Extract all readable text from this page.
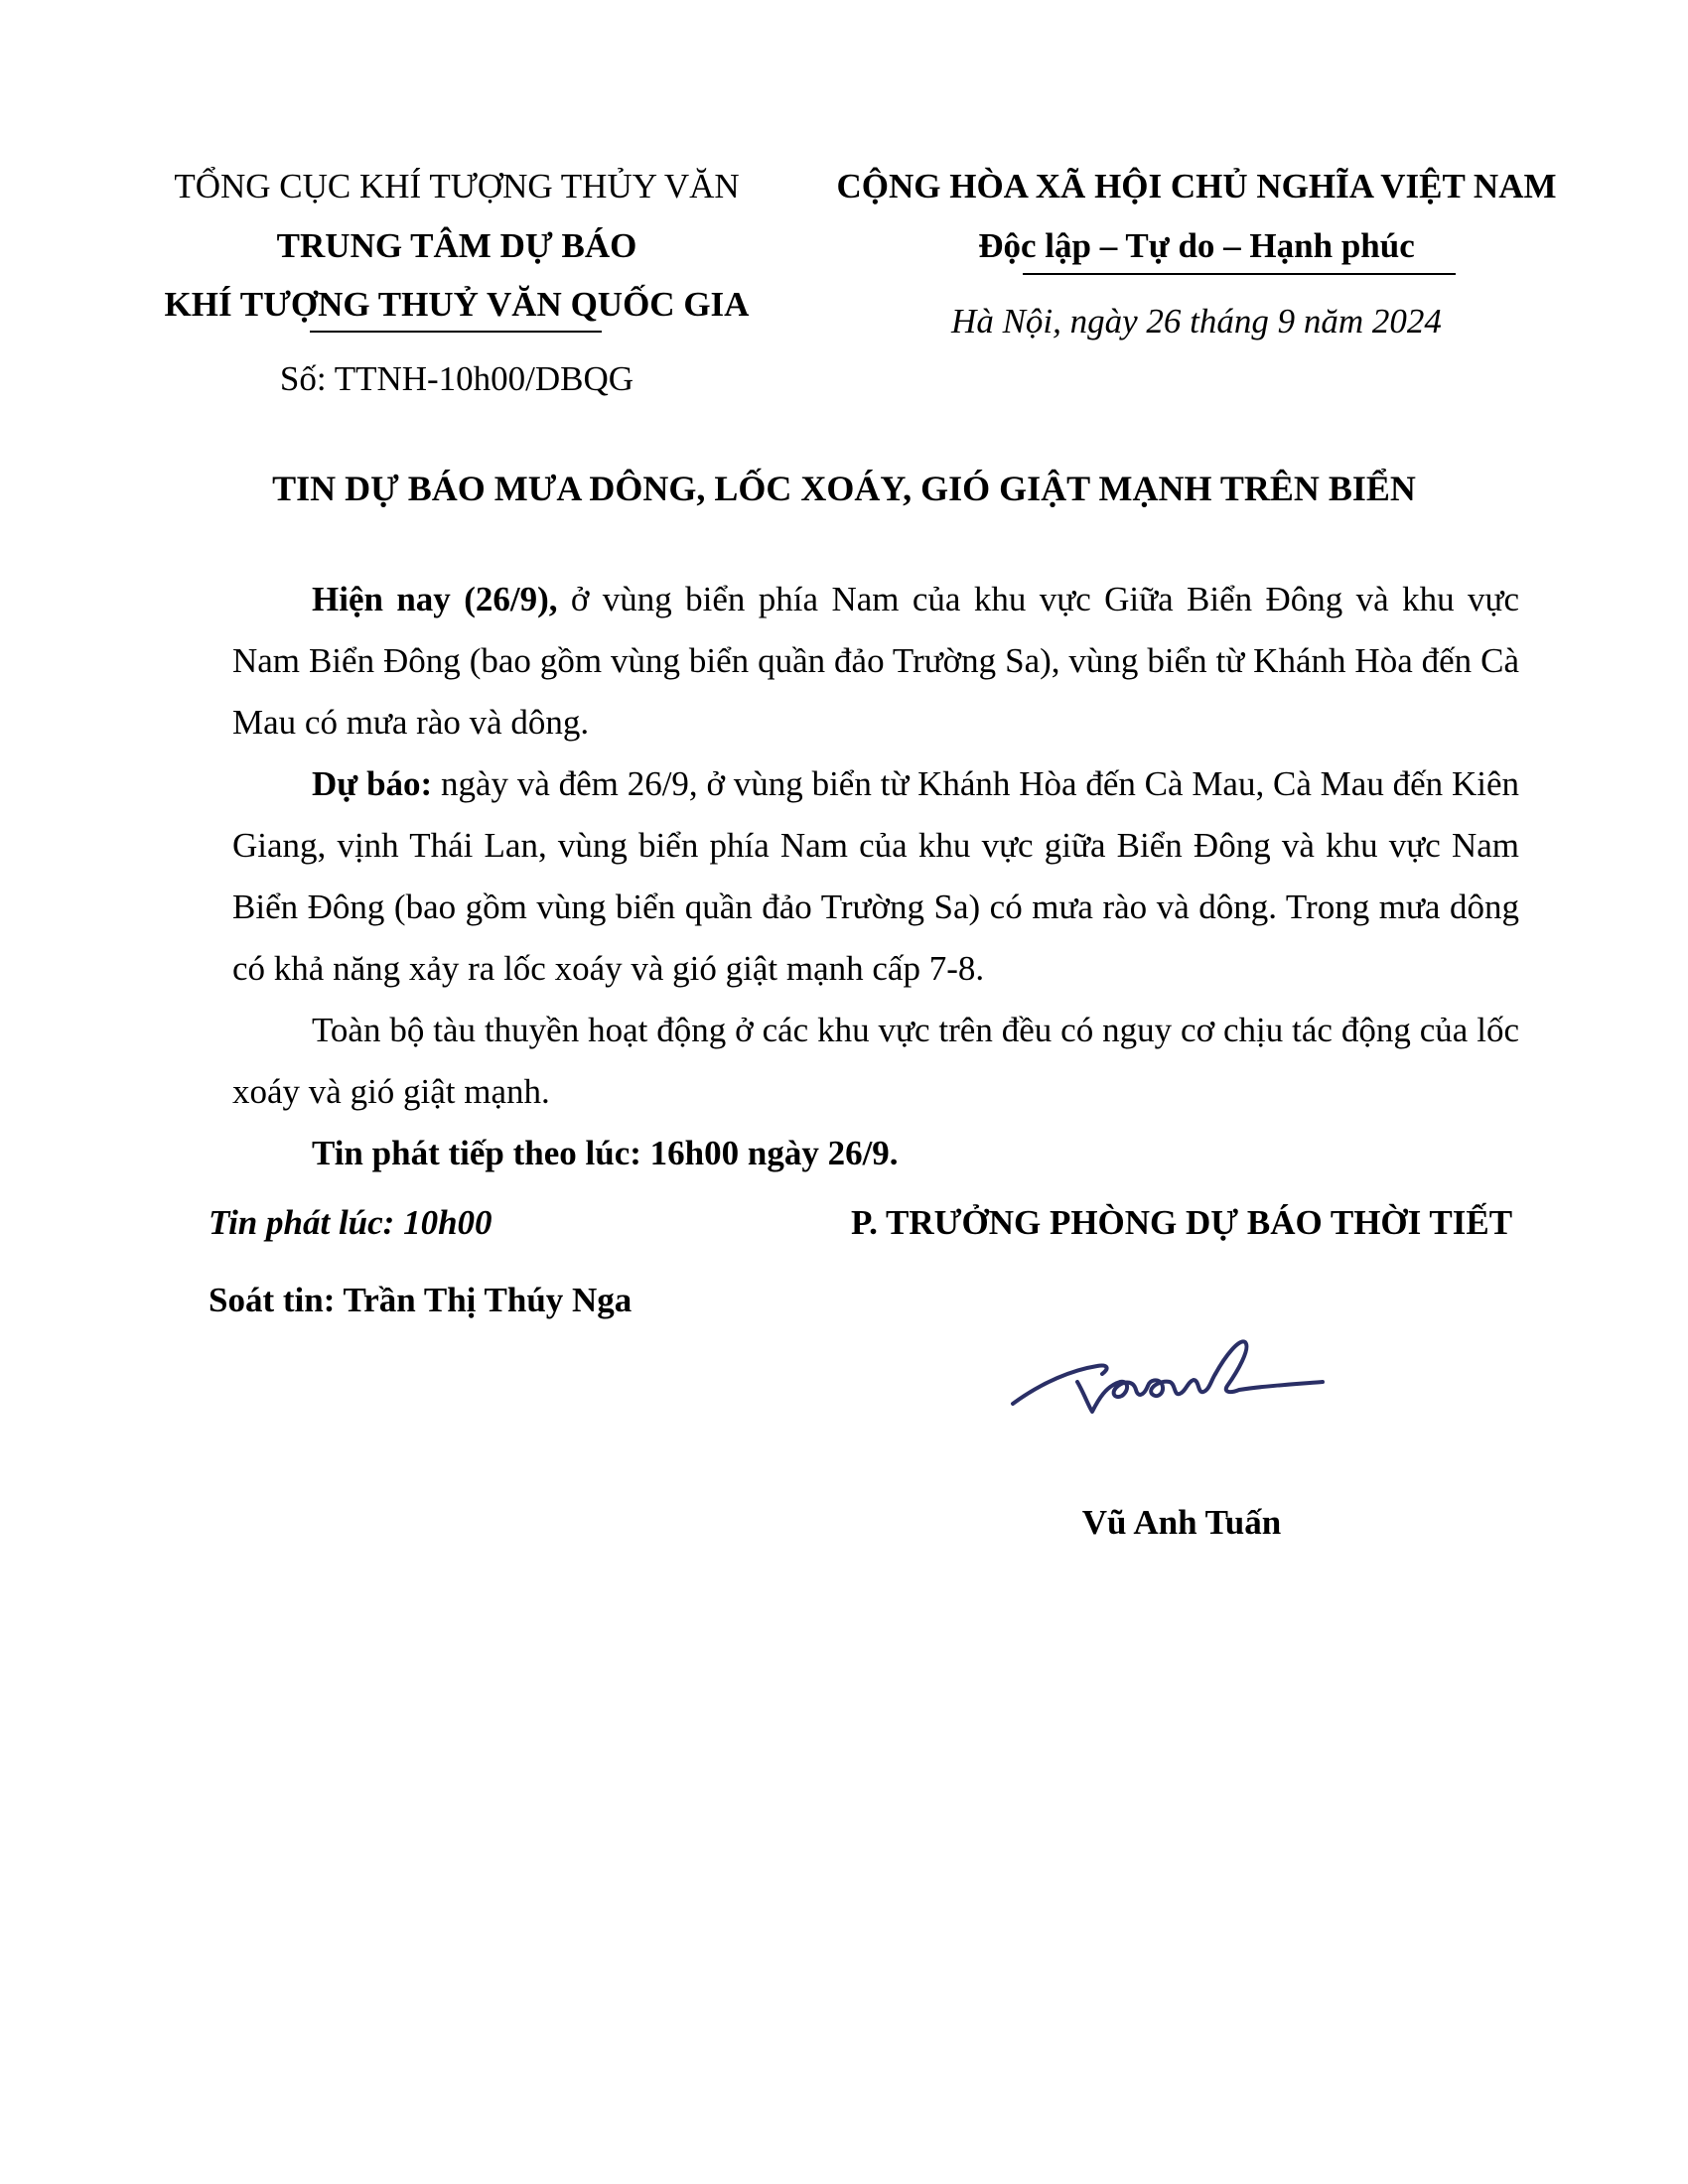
TỔNG CỤC KHÍ TƯỢNG THỦY VĂN
TRUNG TÂM DỰ BÁO
KHÍ TƯỢNG THUỶ VĂN QUỐC GIA
Số: TTNH-10h00/DBQG
CỘNG HÒA XÃ HỘI CHỦ NGHĨA VIỆT NAM
Độc lập – Tự do – Hạnh phúc
Hà Nội, ngày 26 tháng 9 năm 2024
TIN DỰ BÁO MƯA DÔNG, LỐC XOÁY, GIÓ GIẬT MẠNH TRÊN BIỂN

Hiện nay (26/9), ở vùng biển phía Nam của khu vực Giữa Biển Đông và khu vực Nam Biển Đông (bao gồm vùng biển quần đảo Trường Sa), vùng biển từ Khánh Hòa đến Cà Mau có mưa rào và dông.

Dự báo: ngày và đêm 26/9, ở vùng biển từ Khánh Hòa đến Cà Mau, Cà Mau đến Kiên Giang, vịnh Thái Lan, vùng biển phía Nam của khu vực giữa Biển Đông và khu vực Nam Biển Đông (bao gồm vùng biển quần đảo Trường Sa) có mưa rào và dông. Trong mưa dông có khả năng xảy ra lốc xoáy và gió giật mạnh cấp 7-8.

Toàn bộ tàu thuyền hoạt động ở các khu vực trên đều có nguy cơ chịu tác động của lốc xoáy và gió giật mạnh.

Tin phát tiếp theo lúc: 16h00 ngày 26/9.

Tin phát lúc: 10h00
Soát tin: Trần Thị Thúy Nga
P. TRƯỞNG PHÒNG DỰ BÁO THỜI TIẾT
Vũ Anh Tuấn
